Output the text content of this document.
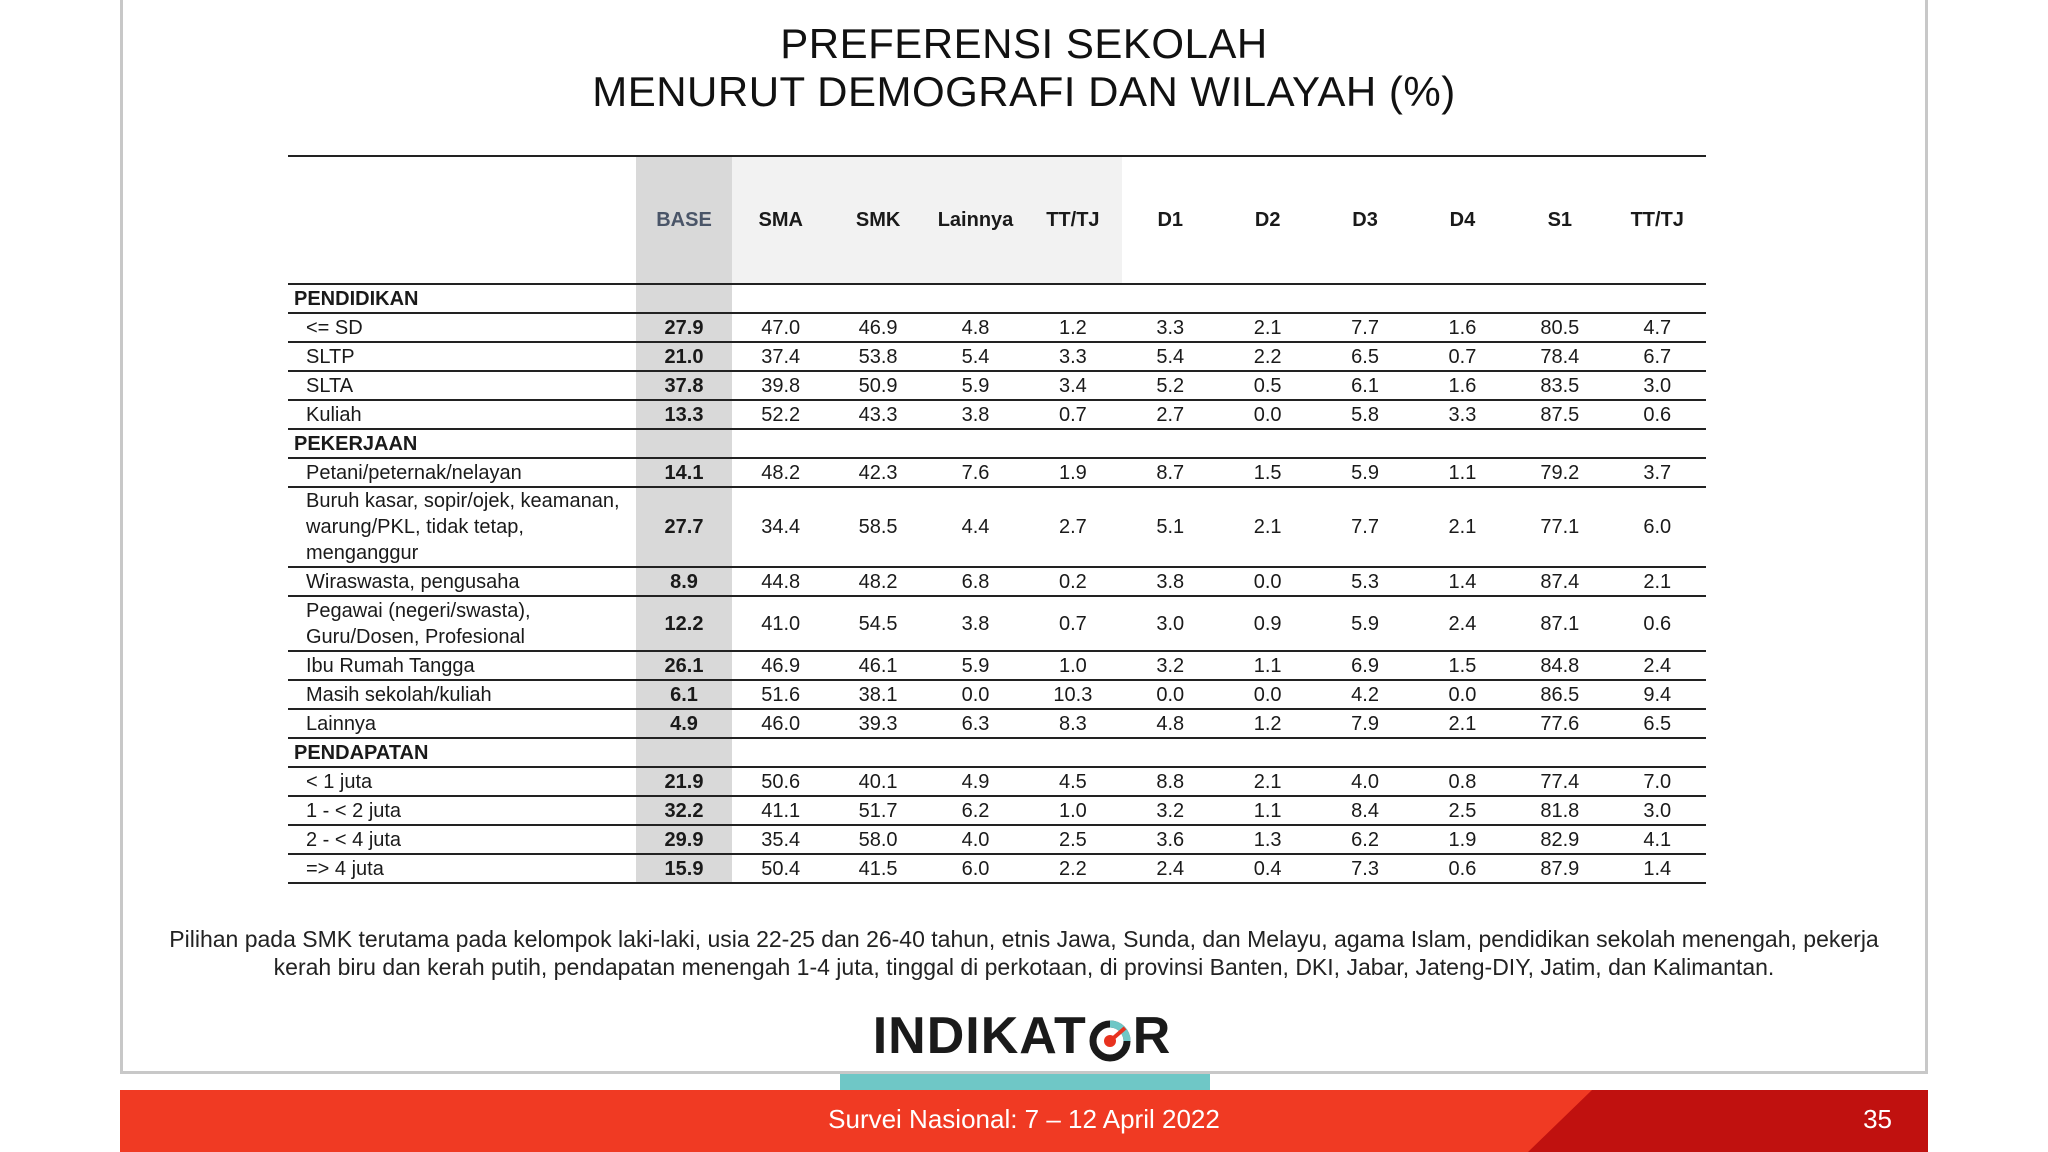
PREFERENSI SEKOLAH
MENURUT DEMOGRAFI DAN WILAYAH (%)
	BASE	SMA	SMK	Lainnya	TT/TJ	D1	D2	D3	D4	S1	TT/TJ
PENDIDIKAN											
<= SD	27.9	47.0	46.9	4.8	1.2	3.3	2.1	7.7	1.6	80.5	4.7
SLTP	21.0	37.4	53.8	5.4	3.3	5.4	2.2	6.5	0.7	78.4	6.7
SLTA	37.8	39.8	50.9	5.9	3.4	5.2	0.5	6.1	1.6	83.5	3.0
Kuliah	13.3	52.2	43.3	3.8	0.7	2.7	0.0	5.8	3.3	87.5	0.6
PEKERJAAN											
Petani/peternak/nelayan	14.1	48.2	42.3	7.6	1.9	8.7	1.5	5.9	1.1	79.2	3.7
Buruh kasar, sopir/ojek, keamanan, warung/PKL, tidak tetap, menganggur	27.7	34.4	58.5	4.4	2.7	5.1	2.1	7.7	2.1	77.1	6.0
Wiraswasta, pengusaha	8.9	44.8	48.2	6.8	0.2	3.8	0.0	5.3	1.4	87.4	2.1
Pegawai (negeri/swasta), Guru/Dosen, Profesional	12.2	41.0	54.5	3.8	0.7	3.0	0.9	5.9	2.4	87.1	0.6
Ibu Rumah Tangga	26.1	46.9	46.1	5.9	1.0	3.2	1.1	6.9	1.5	84.8	2.4
Masih sekolah/kuliah	6.1	51.6	38.1	0.0	10.3	0.0	0.0	4.2	0.0	86.5	9.4
Lainnya	4.9	46.0	39.3	6.3	8.3	4.8	1.2	7.9	2.1	77.6	6.5
PENDAPATAN											
< 1 juta	21.9	50.6	40.1	4.9	4.5	8.8	2.1	4.0	0.8	77.4	7.0
1 - < 2 juta	32.2	41.1	51.7	6.2	1.0	3.2	1.1	8.4	2.5	81.8	3.0
2 - < 4 juta	29.9	35.4	58.0	4.0	2.5	3.6	1.3	6.2	1.9	82.9	4.1
=> 4 juta	15.9	50.4	41.5	6.0	2.2	2.4	0.4	7.3	0.6	87.9	1.4
Pilihan pada SMK terutama pada kelompok laki-laki, usia 22-25 dan 26-40 tahun, etnis Jawa, Sunda, dan Melayu, agama Islam, pendidikan sekolah menengah, pekerja kerah biru dan kerah putih, pendapatan menengah 1-4 juta, tinggal di perkotaan, di provinsi Banten, DKI, Jabar, Jateng-DIY, Jatim, dan Kalimantan.
INDIKAT R
Survei Nasional: 7 – 12 April 2022	35
